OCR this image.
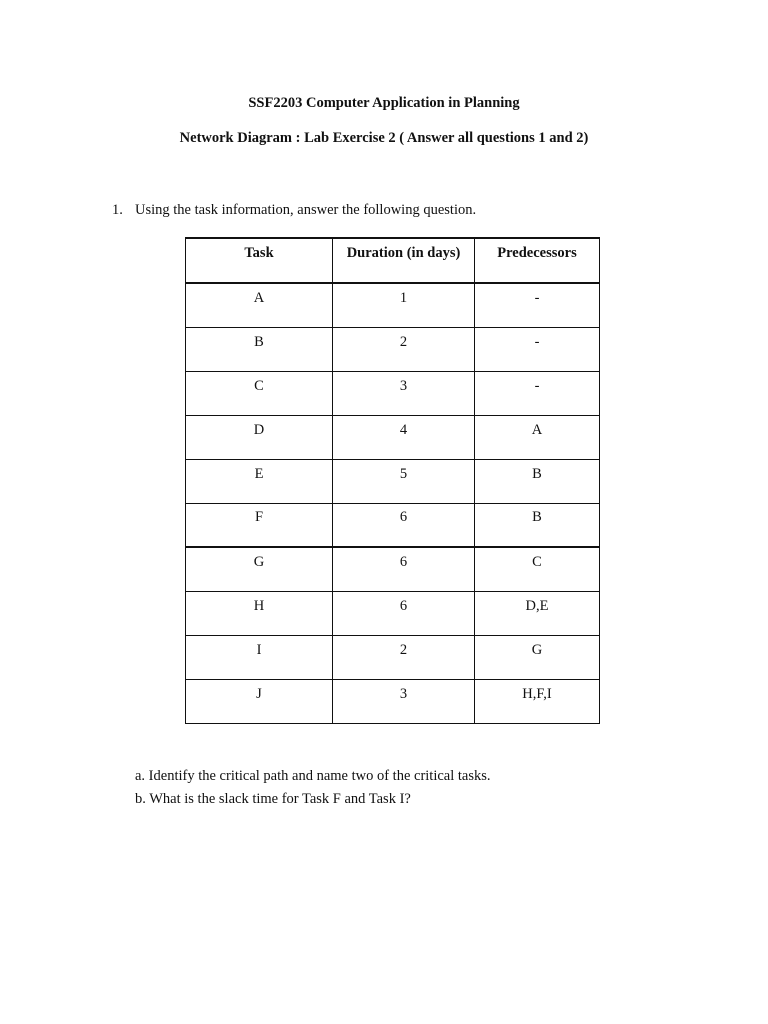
SSF2203 Computer Application in Planning
Network Diagram : Lab Exercise 2 ( Answer all questions 1 and 2)
1. Using the task information, answer the following question.
Task	Duration (in days)	Predecessors
A	1	-
B	2	-
C	3	-
D	4	A
E	5	B
F	6	B
G	6	C
H	6	D,E
I	2	G
J	3	H,F,I
a. Identify the critical path and name two of the critical tasks.
b. What is the slack time for Task F and Task I?
